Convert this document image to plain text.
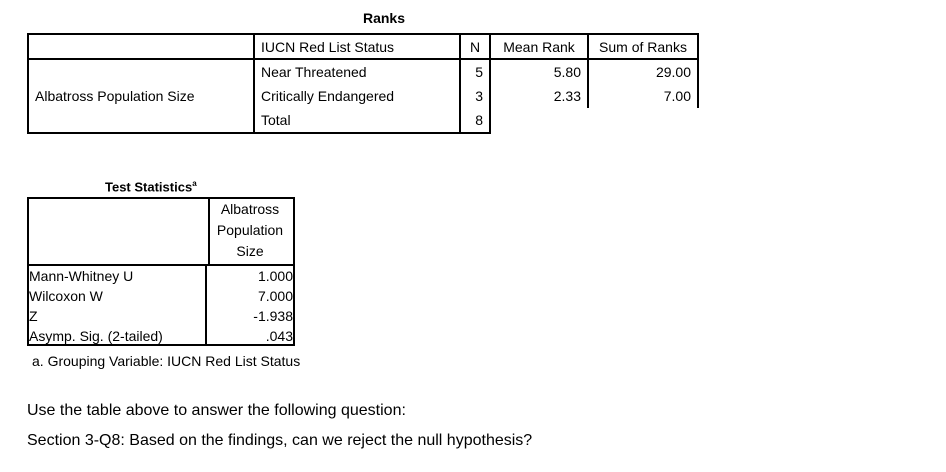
Ranks
	IUCN Red List Status	N	Mean Rank	Sum of Ranks
Albatross Population Size	Near Threatened	5	5.80	29.00
	Critically Endangered	3	2.33	7.00
	Total	8		
Test Statistics$^a$
Albatross
Population
Size
Mann-Whitney U	1.000
Wilcoxon W	7.000
Z	-1.938
Asymp. Sig. (2-tailed)	.043
a. Grouping Variable: IUCN Red List Status
Use the table above to answer the following question:
Section 3-Q8: Based on the findings, can we reject the null hypothesis?
